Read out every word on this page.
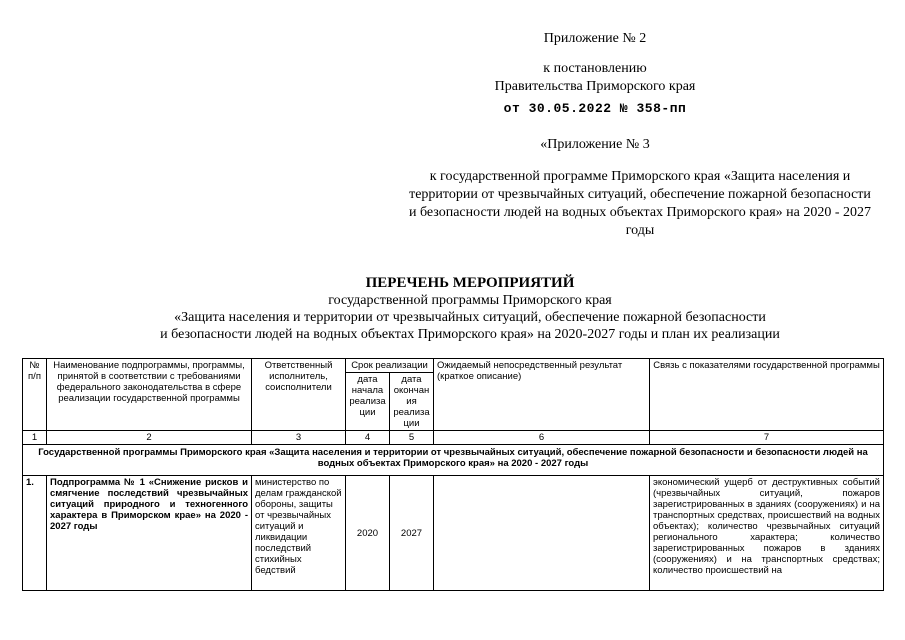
Приложение № 2
к постановлению
Правительства Приморского края
от 30.05.2022 № 358-пп
«Приложение № 3
к государственной программе Приморского края «Защита населения и территории от чрезвычайных ситуаций, обеспечение пожарной безопасности и безопасности людей на водных объектах Приморского края» на 2020 - 2027 годы
ПЕРЕЧЕНЬ МЕРОПРИЯТИЙ
государственной программы Приморского края
«Защита населения и территории от чрезвычайных ситуаций, обеспечение пожарной безопасности
и безопасности людей на водных объектах Приморского края» на 2020-2027 годы и план их реализации
№ п/п	Наименование подпрограммы, программы, принятой в соответствии с требованиями федерального законодательства в сфере реализации государственной программы	Ответственный исполнитель, соисполнители	Срок реализации		Ожидаемый непосредственный результат (краткое описание)	Связь с показателями государственной программы
			дата начала реализа ции	дата окончан ия реализа ции		
1	2	3	4	5	6	7
Государственной программы Приморского края «Защита населения и территории от чрезвычайных ситуаций, обеспечение пожарной безопасности и безопасности людей на водных объектах Приморского края» на 2020 - 2027 годы						
1.	Подпрограмма № 1 «Снижение рисков и смягчение последствий чрезвычайных ситуаций природного и техногенного характера в Приморском крае» на 2020 - 2027 годы	министерство по делам гражданской обороны, защиты от чрезвычайных ситуаций и ликвидации последствий стихийных бедствий	2020	2027		экономический ущерб от деструктивных событий (чрезвычайных ситуаций, пожаров зарегистрированных в зданиях (сооружениях) и на транспортных средствах, происшествий на водных объектах); количество чрезвычайных ситуаций регионального характера; количество зарегистрированных пожаров в зданиях (сооружениях) и на транспортных средствах; количество происшествий на
